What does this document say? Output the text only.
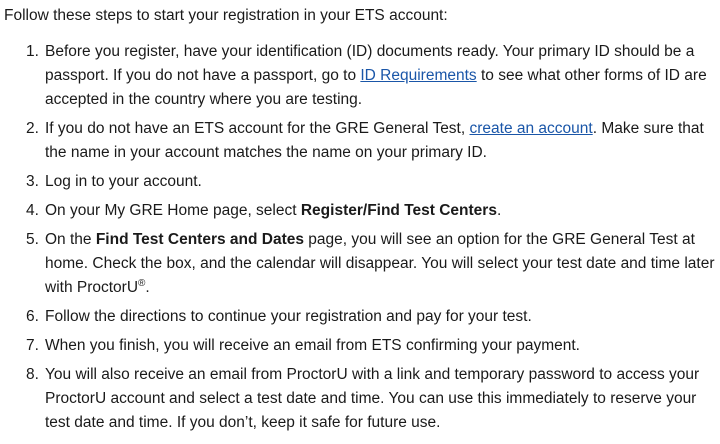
Follow these steps to start your registration in your ETS account:

1. Before you register, have your identification (ID) documents ready. Your primary ID should be a passport. If you do not have a passport, go to ID Requirements to see what other forms of ID are accepted in the country where you are testing.
2. If you do not have an ETS account for the GRE General Test, create an account. Make sure that the name in your account matches the name on your primary ID.
3. Log in to your account.
4. On your My GRE Home page, select Register/Find Test Centers.
5. On the Find Test Centers and Dates page, you will see an option for the GRE General Test at home. Check the box, and the calendar will disappear. You will select your test date and time later with ProctorU®.
6. Follow the directions to continue your registration and pay for your test.
7. When you finish, you will receive an email from ETS confirming your payment.
8. You will also receive an email from ProctorU with a link and temporary password to access your ProctorU account and select a test date and time. You can use this immediately to reserve your test date and time. If you don’t, keep it safe for future use.
